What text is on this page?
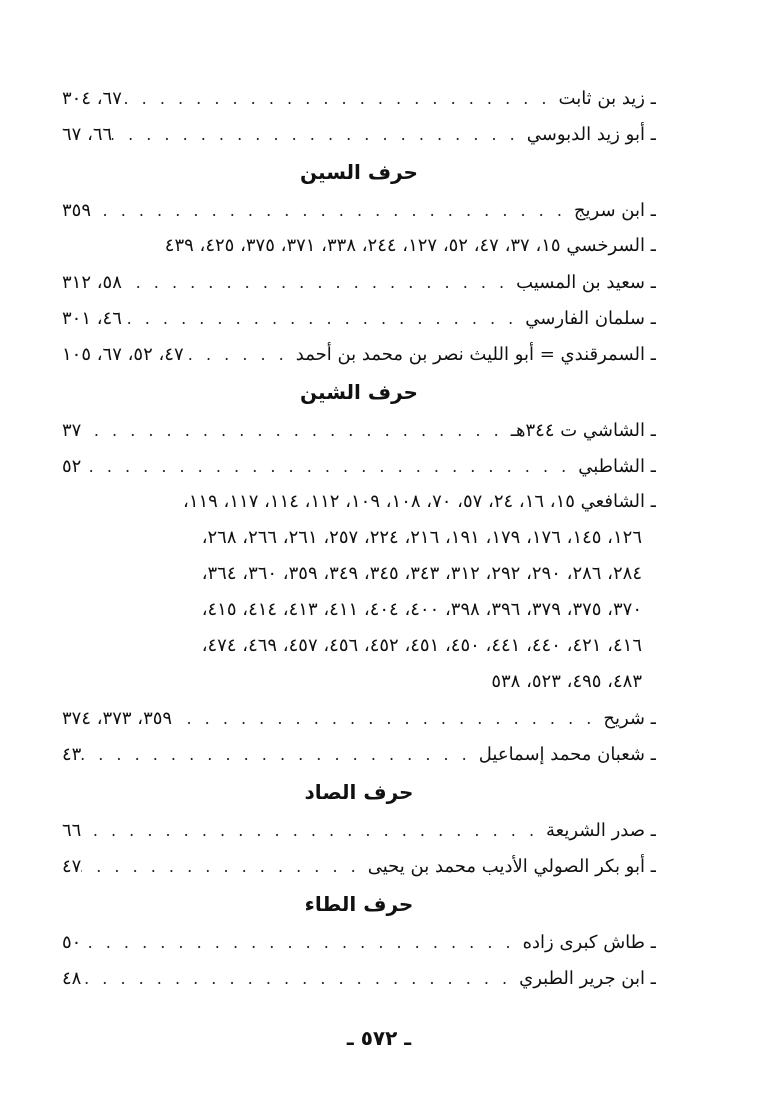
ـ زيد بن ثابت
. . .
٦٧، ٣٠٤
ـ أبو زيد الدبوسي
. . .
٦٦، ٦٧
حرف السين
ـ ابن سريج
. . .
٣٥٩
ـ السرخسي ١٥، ٣٧، ٤٧، ٥٢، ١٢٧، ٢٤٤، ٣٣٨، ٣٧١، ٣٧٥، ٤٢٥، ٤٣٩
ـ سعيد بن المسيب
. . .
٥٨، ٣١٢
ـ سلمان الفارسي
. . .
٤٦، ٣٠١
ـ السمرقندي = أبو الليث نصر بن محمد بن أحمد
. . .
٤٧، ٥٢، ٦٧، ١٠٥
حرف الشين
ـ الشاشي ت ٣٤٤هـ
. . .
٣٧
ـ الشاطبي
. . .
٥٢
ـ الشافعي ١٥، ١٦، ٢٤، ٥٧، ٧٠، ١٠٨، ١٠٩، ١١٢، ١١٤، ١١٧، ١١٩،
١٢٦، ١٤٥، ١٧٦، ١٧٩، ١٩١، ٢١٦، ٢٢٤، ٢٥٧، ٢٦١، ٢٦٦، ٢٦٨،
٢٨٤، ٢٨٦، ٢٩٠، ٢٩٢، ٣١٢، ٣٤٣، ٣٤٥، ٣٤٩، ٣٥٩، ٣٦٠، ٣٦٤،
٣٧٠، ٣٧٥، ٣٧٩، ٣٩٦، ٣٩٨، ٤٠٠، ٤٠٤، ٤١١، ٤١٣، ٤١٤، ٤١٥،
٤١٦، ٤٢١، ٤٤٠، ٤٤١، ٤٥٠، ٤٥١، ٤٥٢، ٤٥٦، ٤٥٧، ٤٦٩، ٤٧٤،
٤٨٣، ٤٩٥، ٥٢٣، ٥٣٨
ـ شريح
. . .
٣٥٩، ٣٧٣، ٣٧٤
ـ شعبان محمد إسماعيل
. . .
٤٣
حرف الصاد
ـ صدر الشريعة
. . .
٦٦
ـ أبو بكر الصولي الأديب محمد بن يحيى
. . .
٤٧
حرف الطاء
ـ طاش كبرى زاده
. . .
٥٠
ـ ابن جرير الطبري
. . .
٤٨
ـ ٥٧٢ ـ
